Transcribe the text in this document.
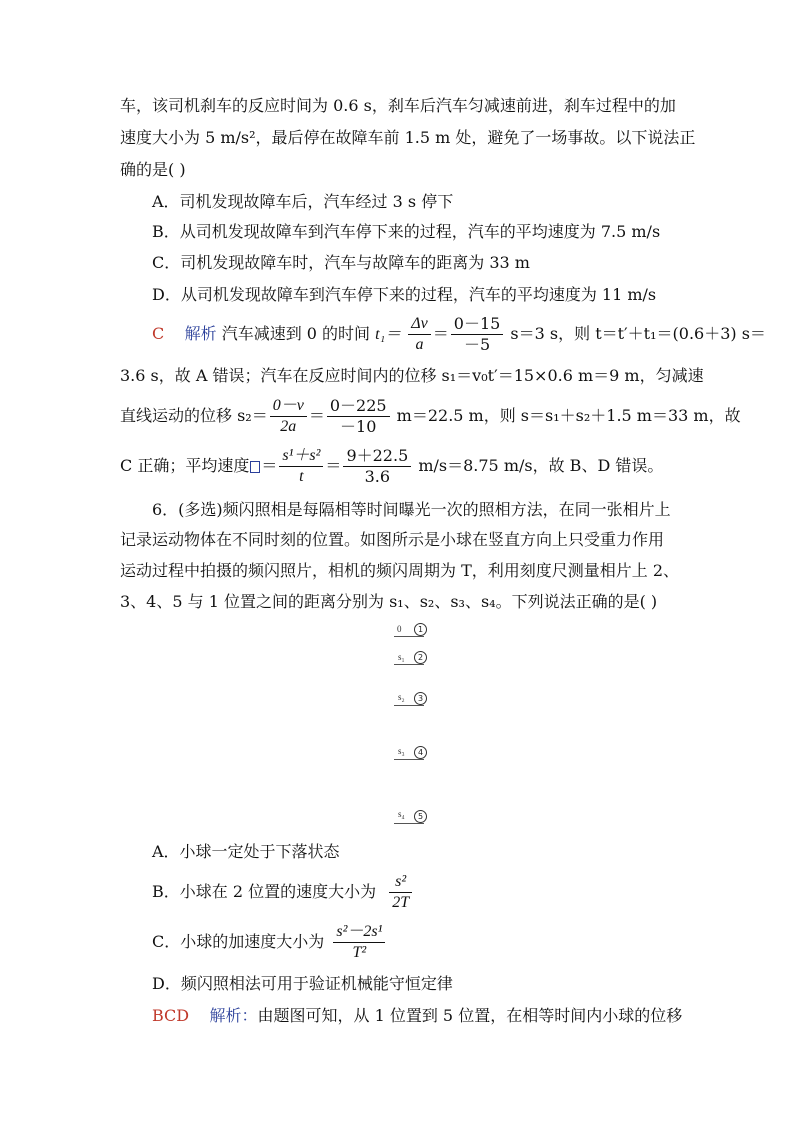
车，该司机刹车的反应时间为 0.6 s，刹车后汽车匀减速前进，刹车过程中的加
速度大小为 5 m/s²，最后停在故障车前 1.5 m 处，避免了一场事故。以下说法正
确的是( )
A．司机发现故障车后，汽车经过 3 s 停下
B．从司机发现故障车到汽车停下来的过程，汽车的平均速度为 7.5 m/s
C．司机发现故障车时，汽车与故障车的距离为 33 m
D．从司机发现故障车到汽车停下来的过程，汽车的平均速度为 11 m/s
C 解析 汽车减速到 0 的时间 $t_1= \frac{\Delta v}{a} = \frac{0-15}{-5} s=3$ s，则 t＝t′＋t₁＝(0.6＋3) s＝
3.6 s，故 A 错误；汽车在反应时间内的位移 s₁＝v₀t′＝15×0.6 m＝9 m，匀减速
直线运动的位移 $s_2= \frac{0-v}{2a} = \frac{0-225}{-10} m=22.5$ m，则 s＝s₁＋s₂＋1.5 m＝33 m，故
C 正确；平均速度 ＝ $\frac{\text{s¹＋s²}}{t} = \frac{9+22.5}{3.6} m/s=8.75$ m/s，故 B、D 错误。
6．(多选)频闪照相是每隔相等时间曝光一次的照相方法，在同一张相片上
记录运动物体在不同时刻的位置。如图所示是小球在竖直方向上只受重力作用
运动过程中拍摄的频闪照片，相机的频闪周期为 T，利用刻度尺测量相片上 2、
3、4、5 与 1 位置之间的距离分别为 s₁、s₂、s₃、s₄。下列说法正确的是( )
0	1
s₁	2
s₂	3
s₃	4
s₄	5
A．小球一定处于下落状态
B．小球在 2 位置的速度大小为 $\frac{\text{s²}}{2T}$
C．小球的加速度大小为 $\frac{\text{s²－2s¹}}{\text{T²}}$
D．频闪照相法可用于验证机械能守恒定律
BCD 解析：由题图可知，从 1 位置到 5 位置，在相等时间内小球的位移
